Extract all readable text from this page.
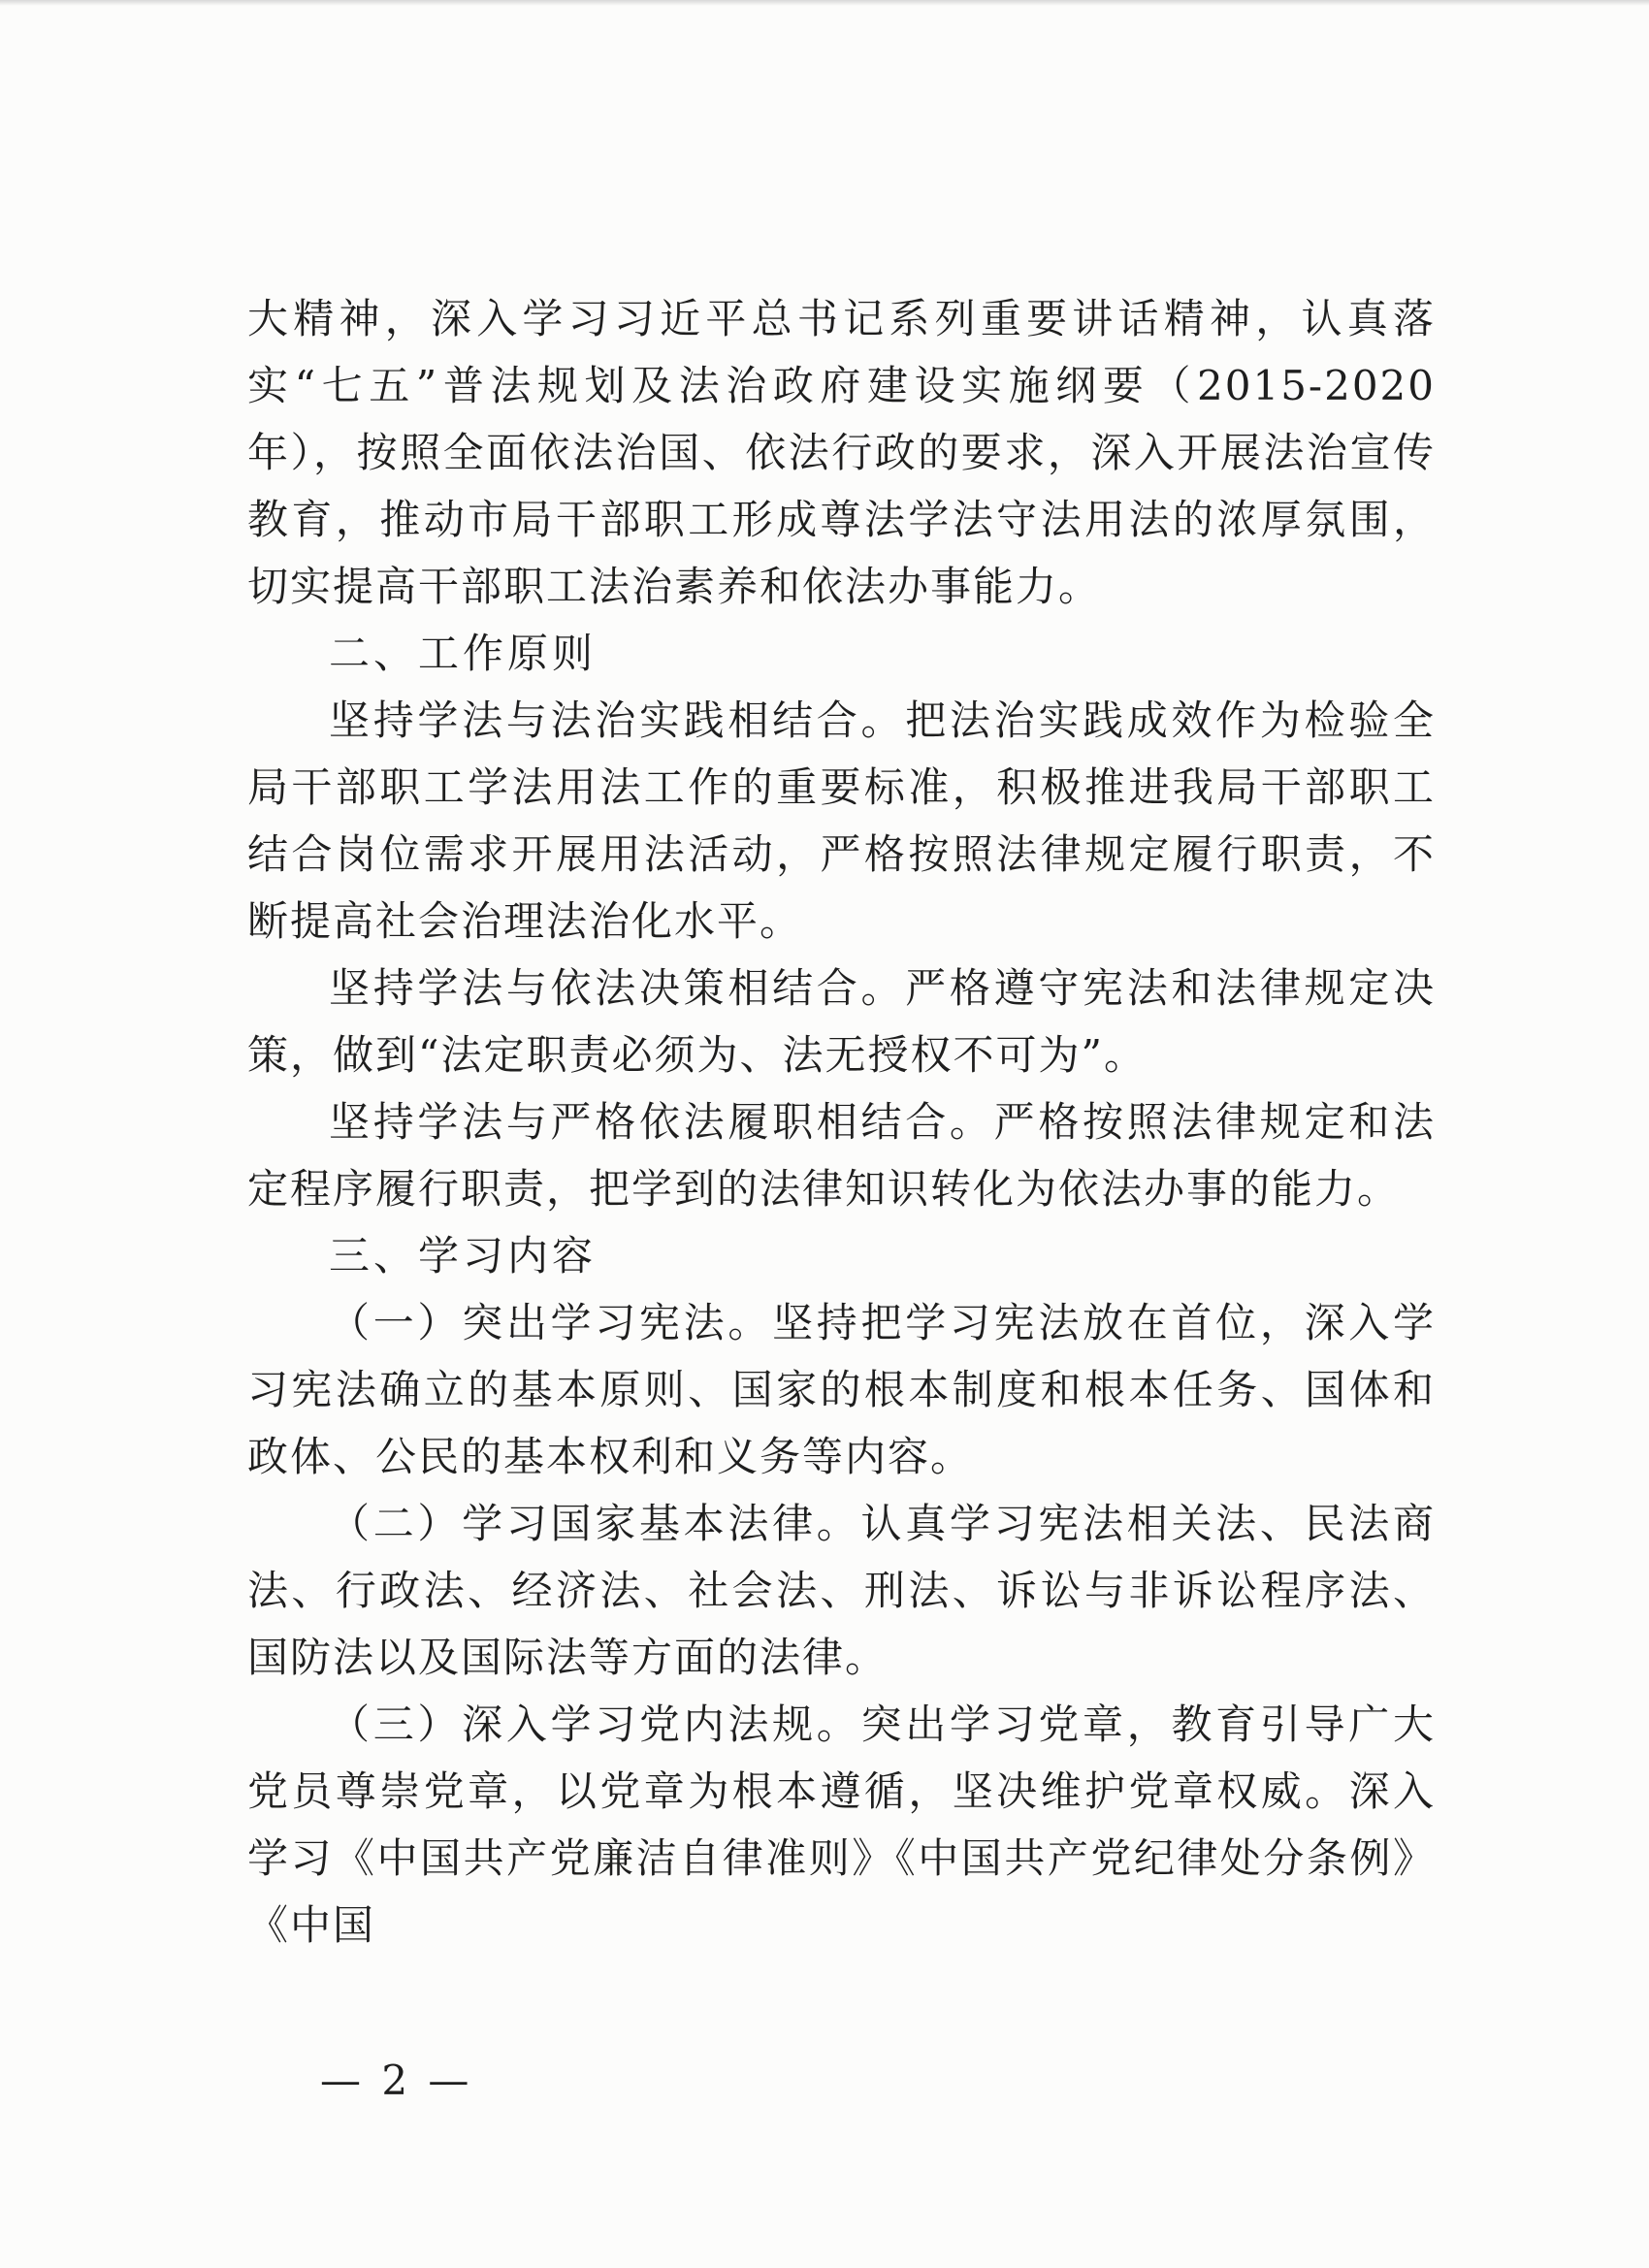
大精神，深入学习习近平总书记系列重要讲话精神，认真落实“七五”普法规划及法治政府建设实施纲要（2015-2020年），按照全面依法治国、依法行政的要求，深入开展法治宣传教育，推动市局干部职工形成尊法学法守法用法的浓厚氛围，切实提高干部职工法治素养和依法办事能力。

二、工作原则

坚持学法与法治实践相结合。把法治实践成效作为检验全局干部职工学法用法工作的重要标准，积极推进我局干部职工结合岗位需求开展用法活动，严格按照法律规定履行职责，不断提高社会治理法治化水平。

坚持学法与依法决策相结合。严格遵守宪法和法律规定决策，做到“法定职责必须为、法无授权不可为”。

坚持学法与严格依法履职相结合。严格按照法律规定和法定程序履行职责，把学到的法律知识转化为依法办事的能力。

三、学习内容

（一）突出学习宪法。坚持把学习宪法放在首位，深入学习宪法确立的基本原则、国家的根本制度和根本任务、国体和政体、公民的基本权利和义务等内容。

（二）学习国家基本法律。认真学习宪法相关法、民法商法、行政法、经济法、社会法、刑法、诉讼与非诉讼程序法、国防法以及国际法等方面的法律。

（三）深入学习党内法规。突出学习党章，教育引导广大党员尊崇党章，以党章为根本遵循，坚决维护党章权威。深入学习《中国共产党廉洁自律准则》《中国共产党纪律处分条例》《中国

— 2 —
